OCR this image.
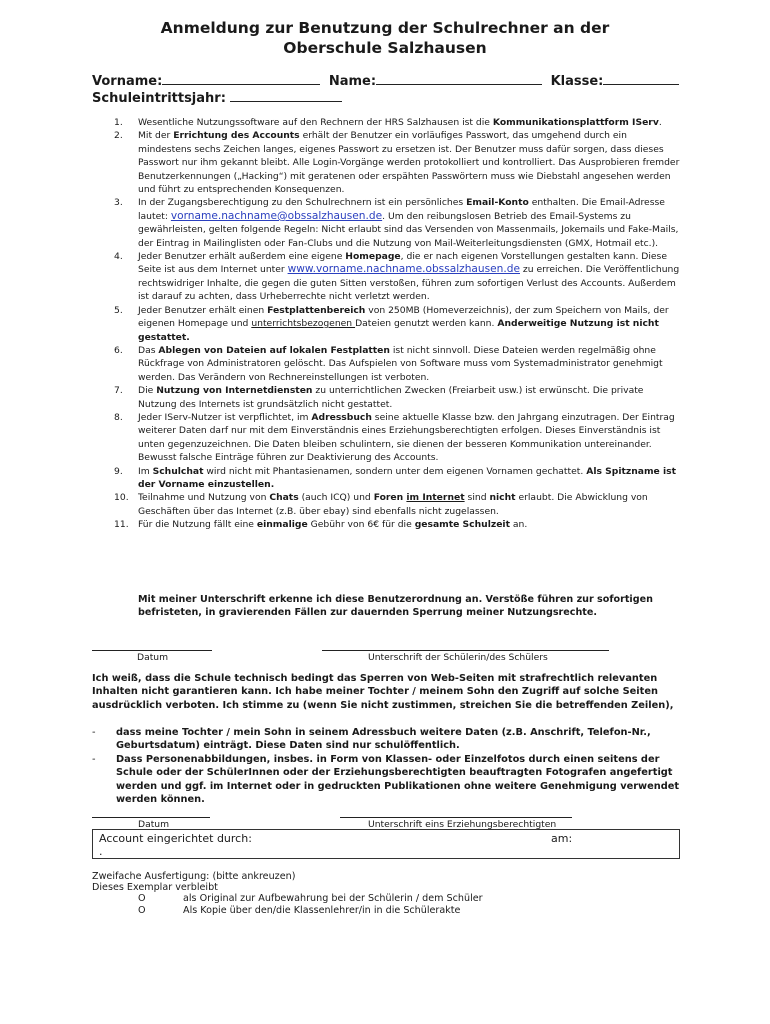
Anmeldung zur Benutzung der Schulrechner an der
Oberschule Salzhausen
Vorname:	Name:	Klasse:
Schuleintrittsjahr:
1. Wesentliche Nutzungssoftware auf den Rechnern der HRS Salzhausen ist die Kommunikationsplattform IServ.
2. Mit der Errichtung des Accounts erhält der Benutzer ein vorläufiges Passwort, das umgehend durch ein mindestens sechs Zeichen langes, eigenes Passwort zu ersetzen ist. Der Benutzer muss dafür sorgen, dass dieses Passwort nur ihm gekannt bleibt. Alle Login-Vorgänge werden protokolliert und kontrolliert. Das Ausprobieren fremder Benutzerkennungen („Hacking“) mit geratenen oder erspähten Passwörtern muss wie Diebstahl angesehen werden und führt zu entsprechenden Konsequenzen.
3. In der Zugangsberechtigung zu den Schulrechnern ist ein persönliches Email-Konto enthalten. Die Email-Adresse lautet: vorname.nachname@obssalzhausen.de. Um den reibungslosen Betrieb des Email-Systems zu gewährleisten, gelten folgende Regeln: Nicht erlaubt sind das Versenden von Massenmails, Jokemails und Fake-Mails, der Eintrag in Mailinglisten oder Fan-Clubs und die Nutzung von Mail-Weiterleitungsdiensten (GMX, Hotmail etc.).
4. Jeder Benutzer erhält außerdem eine eigene Homepage, die er nach eigenen Vorstellungen gestalten kann. Diese Seite ist aus dem Internet unter www.vorname.nachname.obssalzhausen.de zu erreichen. Die Veröffentlichung rechtswidriger Inhalte, die gegen die guten Sitten verstoßen, führen zum sofortigen Verlust des Accounts. Außerdem ist darauf zu achten, dass Urheberrechte nicht verletzt werden.
5. Jeder Benutzer erhält einen Festplattenbereich von 250MB (Homeverzeichnis), der zum Speichern von Mails, der eigenen Homepage und unterrichtsbezogenen Dateien genutzt werden kann. Anderweitige Nutzung ist nicht gestattet.
6. Das Ablegen von Dateien auf lokalen Festplatten ist nicht sinnvoll. Diese Dateien werden regelmäßig ohne Rückfrage von Administratoren gelöscht. Das Aufspielen von Software muss vom Systemadministrator genehmigt werden. Das Verändern von Rechnereinstellungen ist verboten.
7. Die Nutzung von Internetdiensten zu unterrichtlichen Zwecken (Freiarbeit usw.) ist erwünscht. Die private Nutzung des Internets ist grundsätzlich nicht gestattet.
8. Jeder IServ-Nutzer ist verpflichtet, im Adressbuch seine aktuelle Klasse bzw. den Jahrgang einzutragen. Der Eintrag weiterer Daten darf nur mit dem Einverständnis eines Erziehungsberechtigten erfolgen. Dieses Einverständnis ist unten gegenzuzeichnen. Die Daten bleiben schulintern, sie dienen der besseren Kommunikation untereinander. Bewusst falsche Einträge führen zur Deaktivierung des Accounts.
9. Im Schulchat wird nicht mit Phantasienamen, sondern unter dem eigenen Vornamen gechattet. Als Spitzname ist der Vorname einzustellen.
10. Teilnahme und Nutzung von Chats (auch ICQ) und Foren im Internet sind nicht erlaubt. Die Abwicklung von Geschäften über das Internet (z.B. über ebay) sind ebenfalls nicht zugelassen.
11. Für die Nutzung fällt eine einmalige Gebühr von 6€ für die gesamte Schulzeit an.
Mit meiner Unterschrift erkenne ich diese Benutzerordnung an. Verstöße führen zur sofortigen befristeten, in gravierenden Fällen zur dauernden Sperrung meiner Nutzungsrechte.
Datum	Unterschrift der Schülerin/des Schülers
Ich weiß, dass die Schule technisch bedingt das Sperren von Web-Seiten mit strafrechtlich relevanten Inhalten nicht garantieren kann. Ich habe meiner Tochter / meinem Sohn den Zugriff auf solche Seiten ausdrücklich verboten. Ich stimme zu (wenn Sie nicht zustimmen, streichen Sie die betreffenden Zeilen),
- dass meine Tochter / mein Sohn in seinem Adressbuch weitere Daten (z.B. Anschrift, Telefon-Nr., Geburtsdatum) einträgt. Diese Daten sind nur schulöffentlich.
- Dass Personenabbildungen, insbes. in Form von Klassen- oder Einzelfotos durch einen seitens der Schule oder der SchülerInnen oder der Erziehungsberechtigten beauftragten Fotografen angefertigt werden und ggf. im Internet oder in gedruckten Publikationen ohne weitere Genehmigung verwendet werden können.
Datum	Unterschrift eins Erziehungsberechtigten
Account eingerichtet durch:	am:
.
Zweifache Ausfertigung: (bitte ankreuzen)
Dieses Exemplar verbleibt
O	als Original zur Aufbewahrung bei der Schülerin / dem Schüler
O	Als Kopie über den/die Klassenlehrer/in in die Schülerakte
